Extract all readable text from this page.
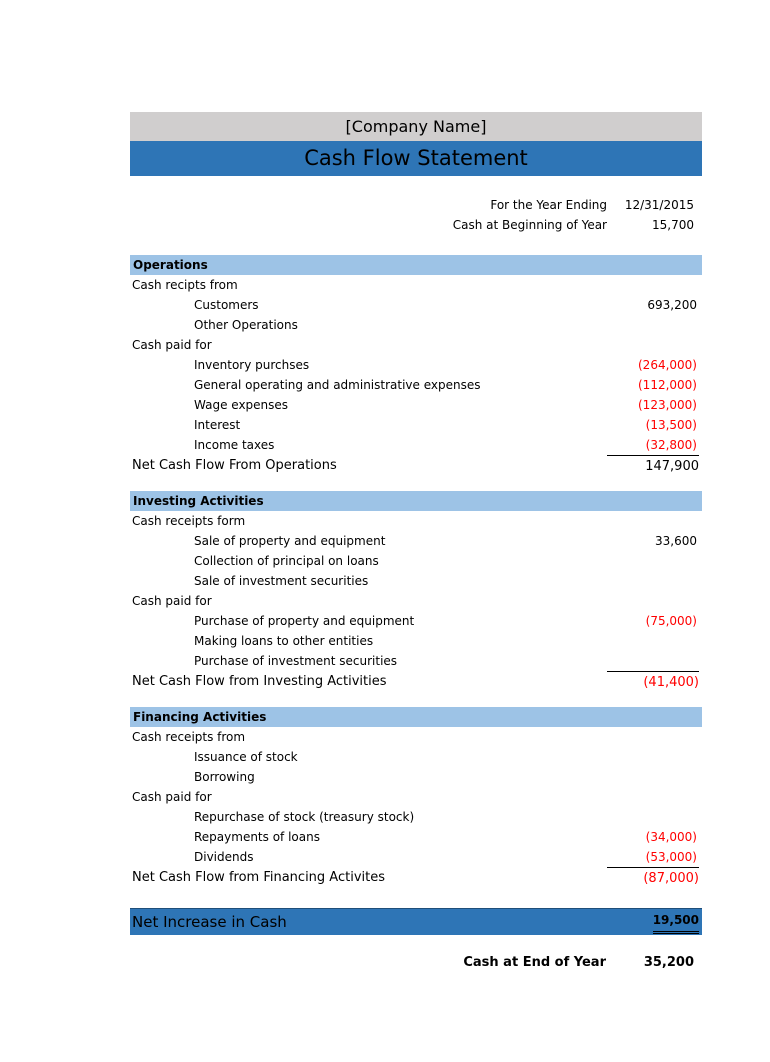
[Company Name]
Cash Flow Statement
For the Year Ending 12/31/2015
Cash at Beginning of Year	15,700
Operations
Cash recipts from
Customers	693,200
Other Operations
Cash paid for
Inventory purchses	(264,000)
General operating and administrative expenses	(112,000)
Wage expenses	(123,000)
Interest	(13,500)
Income taxes	(32,800)
Net Cash Flow From Operations	147,900
Investing Activities
Cash receipts form
Sale of property and equipment	33,600
Collection of principal on loans
Sale of investment securities
Cash paid for
Purchase of property and equipment	(75,000)
Making loans to other entities
Purchase of investment securities
Net Cash Flow from Investing Activities	(41,400)
Financing Activities
Cash receipts from
Issuance of stock
Borrowing
Cash paid for
Repurchase of stock (treasury stock)
Repayments of loans	(34,000)
Dividends	(53,000)
Net Cash Flow from Financing Activites	(87,000)
Net Increase in Cash	19,500
Cash at End of Year	35,200
